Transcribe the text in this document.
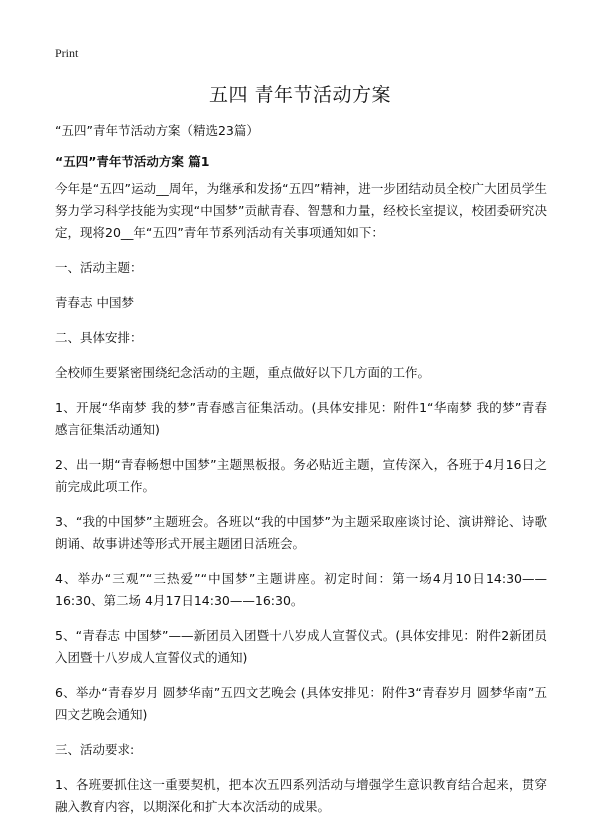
Print
五四 青年节活动方案
“五四”青年节活动方案（精选23篇）
“五四”青年节活动方案 篇1

今年是“五四”运动__周年，为继承和发扬“五四”精神，进一步团结动员全校广大团员学生努力学习科学技能为实现“中国梦”贡献青春、智慧和力量，经校长室提议，校团委研究决定，现将20__年“五四”青年节系列活动有关事项通知如下：

一、活动主题：

青春志 中国梦

二、具体安排：

全校师生要紧密围绕纪念活动的主题，重点做好以下几方面的工作。

1、开展“华南梦 我的梦”青春感言征集活动。(具体安排见：附件1“华南梦 我的梦”青春感言征集活动通知)

2、出一期“青春畅想中国梦”主题黑板报。务必贴近主题，宣传深入，各班于4月16日之前完成此项工作。

3、“我的中国梦”主题班会。各班以“我的中国梦”为主题采取座谈讨论、演讲辩论、诗歌朗诵、故事讲述等形式开展主题团日活班会。

4、举办“三观”“三热爱”“中国梦”主题讲座。初定时间：第一场4月10日14:30——16:30、第二场 4月17日14:30——16:30。

5、“青春志 中国梦”——新团员入团暨十八岁成人宣誓仪式。(具体安排见：附件2新团员入团暨十八岁成人宣誓仪式的通知)

6、举办“青春岁月 圆梦华南”五四文艺晚会 (具体安排见：附件3“青春岁月 圆梦华南”五四文艺晚会通知)

三、活动要求:

1、各班要抓住这一重要契机，把本次五四系列活动与增强学生意识教育结合起来，贯穿融入教育内容，以期深化和扩大本次活动的成果。
